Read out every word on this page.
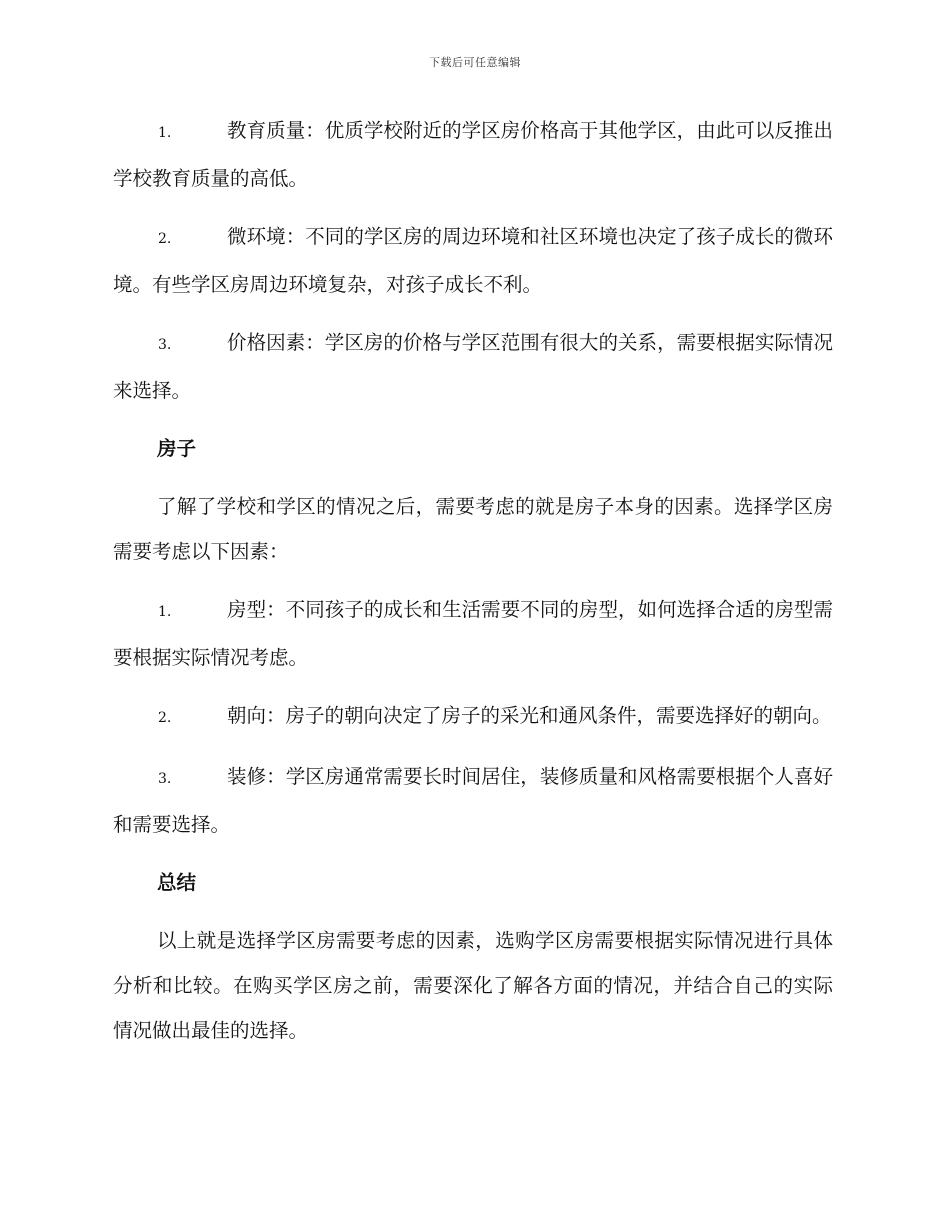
下载后可任意编辑
1.	教育质量：优质学校附近的学区房价格高于其他学区，由此可以反推出学校教育质量的高低。
2.	微环境：不同的学区房的周边环境和社区环境也决定了孩子成长的微环境。有些学区房周边环境复杂，对孩子成长不利。
3.	价格因素：学区房的价格与学区范围有很大的关系，需要根据实际情况来选择。
房子
了解了学校和学区的情况之后，需要考虑的就是房子本身的因素。选择学区房需要考虑以下因素：
1.	房型：不同孩子的成长和生活需要不同的房型，如何选择合适的房型需要根据实际情况考虑。
2.	朝向：房子的朝向决定了房子的采光和通风条件，需要选择好的朝向。
3.	装修：学区房通常需要长时间居住，装修质量和风格需要根据个人喜好和需要选择。
总结
以上就是选择学区房需要考虑的因素，选购学区房需要根据实际情况进行具体分析和比较。在购买学区房之前，需要深化了解各方面的情况，并结合自己的实际情况做出最佳的选择。
